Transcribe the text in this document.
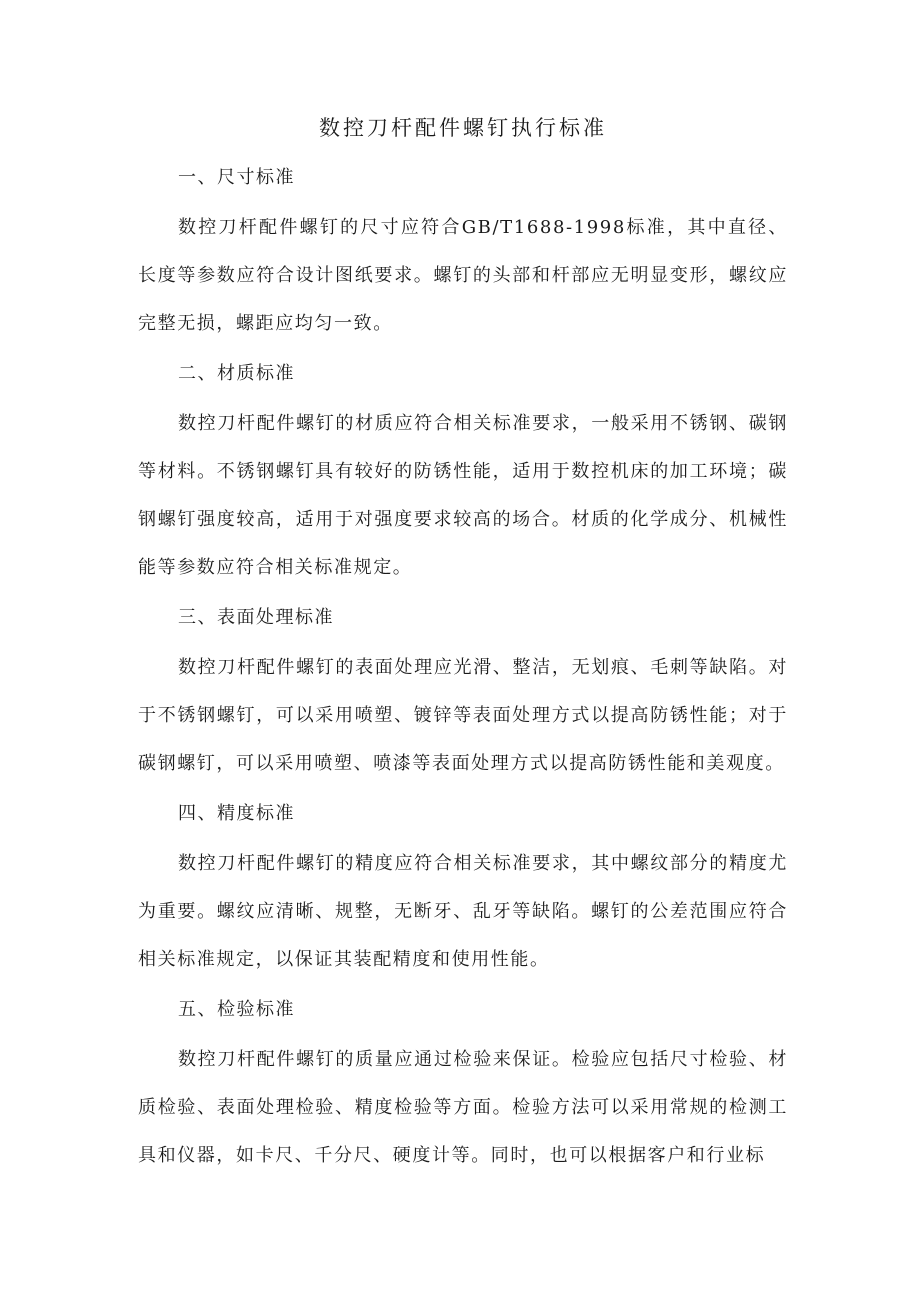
数控刀杆配件螺钉执行标准

一、尺寸标准

数控刀杆配件螺钉的尺寸应符合GB/T1688-1998标准，其中直径、长度等参数应符合设计图纸要求。螺钉的头部和杆部应无明显变形，螺纹应完整无损，螺距应均匀一致。

二、材质标准

数控刀杆配件螺钉的材质应符合相关标准要求，一般采用不锈钢、碳钢等材料。不锈钢螺钉具有较好的防锈性能，适用于数控机床的加工环境；碳钢螺钉强度较高，适用于对强度要求较高的场合。材质的化学成分、机械性能等参数应符合相关标准规定。

三、表面处理标准

数控刀杆配件螺钉的表面处理应光滑、整洁，无划痕、毛刺等缺陷。对于不锈钢螺钉，可以采用喷塑、镀锌等表面处理方式以提高防锈性能；对于碳钢螺钉，可以采用喷塑、喷漆等表面处理方式以提高防锈性能和美观度。

四、精度标准

数控刀杆配件螺钉的精度应符合相关标准要求，其中螺纹部分的精度尤为重要。螺纹应清晰、规整，无断牙、乱牙等缺陷。螺钉的公差范围应符合相关标准规定，以保证其装配精度和使用性能。

五、检验标准

数控刀杆配件螺钉的质量应通过检验来保证。检验应包括尺寸检验、材质检验、表面处理检验、精度检验等方面。检验方法可以采用常规的检测工具和仪器，如卡尺、千分尺、硬度计等。同时，也可以根据客户和行业标
